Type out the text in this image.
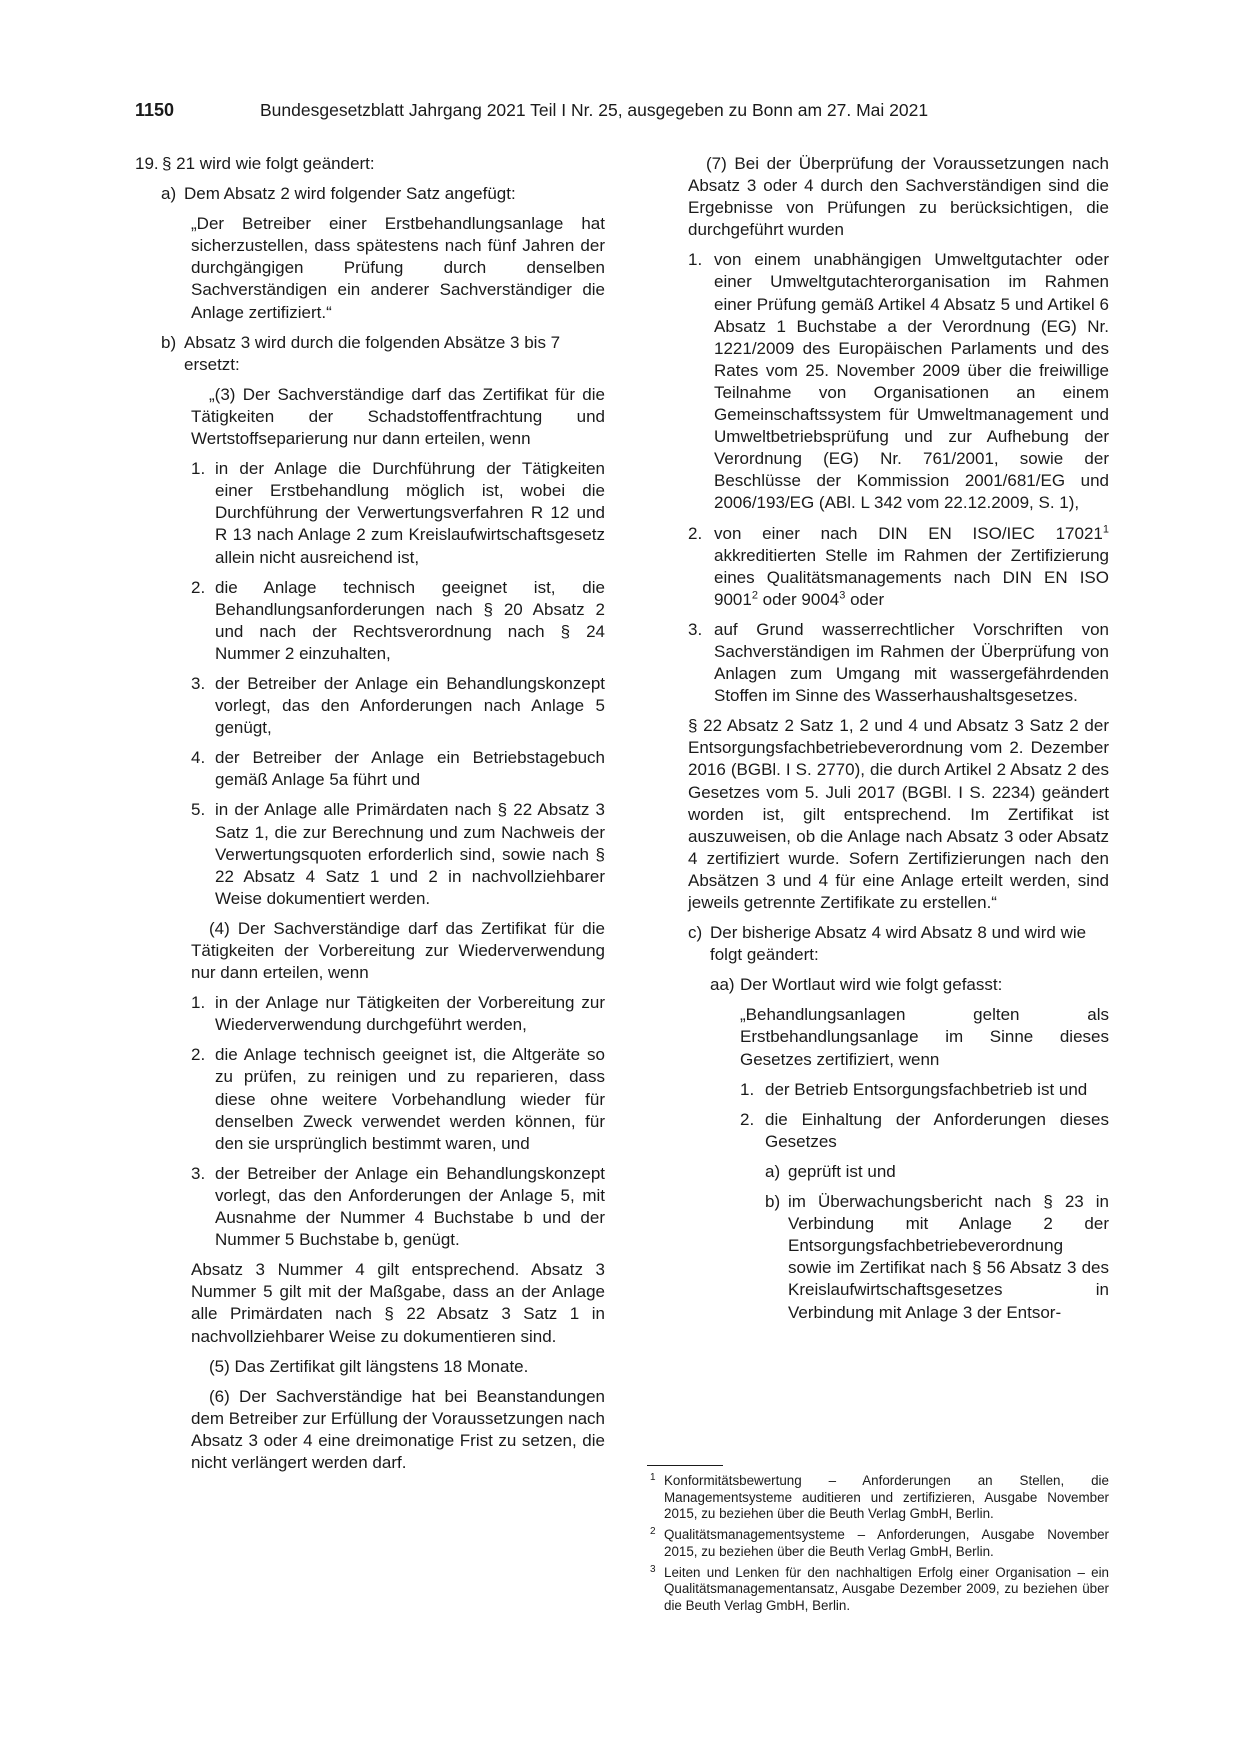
1150	Bundesgesetzblatt Jahrgang 2021 Teil I Nr. 25, ausgegeben zu Bonn am 27. Mai 2021
19. § 21 wird wie folgt geändert:

a) Dem Absatz 2 wird folgender Satz angefügt:

„Der Betreiber einer Erstbehandlungsanlage hat sicherzustellen, dass spätestens nach fünf Jahren der durchgängigen Prüfung durch denselben Sachverständigen ein anderer Sachverständiger die Anlage zertifiziert.“

b) Absatz 3 wird durch die folgenden Absätze 3 bis 7 ersetzt:

„(3) Der Sachverständige darf das Zertifikat für die Tätigkeiten der Schadstoffentfrachtung und Wertstoffseparierung nur dann erteilen, wenn

1. in der Anlage die Durchführung der Tätigkeiten einer Erstbehandlung möglich ist, wobei die Durchführung der Verwertungsverfahren R 12 und R 13 nach Anlage 2 zum Kreislaufwirtschaftsgesetz allein nicht ausreichend ist,

2. die Anlage technisch geeignet ist, die Behandlungsanforderungen nach § 20 Absatz 2 und nach der Rechtsverordnung nach § 24 Nummer 2 einzuhalten,

3. der Betreiber der Anlage ein Behandlungskonzept vorlegt, das den Anforderungen nach Anlage 5 genügt,

4. der Betreiber der Anlage ein Betriebstagebuch gemäß Anlage 5a führt und

5. in der Anlage alle Primärdaten nach § 22 Absatz 3 Satz 1, die zur Berechnung und zum Nachweis der Verwertungsquoten erforderlich sind, sowie nach § 22 Absatz 4 Satz 1 und 2 in nachvollziehbarer Weise dokumentiert werden.

(4) Der Sachverständige darf das Zertifikat für die Tätigkeiten der Vorbereitung zur Wiederverwendung nur dann erteilen, wenn

1. in der Anlage nur Tätigkeiten der Vorbereitung zur Wiederverwendung durchgeführt werden,

2. die Anlage technisch geeignet ist, die Altgeräte so zu prüfen, zu reinigen und zu reparieren, dass diese ohne weitere Vorbehandlung wieder für denselben Zweck verwendet werden können, für den sie ursprünglich bestimmt waren, und

3. der Betreiber der Anlage ein Behandlungskonzept vorlegt, das den Anforderungen der Anlage 5, mit Ausnahme der Nummer 4 Buchstabe b und der Nummer 5 Buchstabe b, genügt.

Absatz 3 Nummer 4 gilt entsprechend. Absatz 3 Nummer 5 gilt mit der Maßgabe, dass an der Anlage alle Primärdaten nach § 22 Absatz 3 Satz 1 in nachvollziehbarer Weise zu dokumentieren sind.

(5) Das Zertifikat gilt längstens 18 Monate.

(6) Der Sachverständige hat bei Beanstandungen dem Betreiber zur Erfüllung der Voraussetzungen nach Absatz 3 oder 4 eine dreimonatige Frist zu setzen, die nicht verlängert werden darf.

(7) Bei der Überprüfung der Voraussetzungen nach Absatz 3 oder 4 durch den Sachverständigen sind die Ergebnisse von Prüfungen zu berücksichtigen, die durchgeführt wurden

1. von einem unabhängigen Umweltgutachter oder einer Umweltgutachterorganisation im Rahmen einer Prüfung gemäß Artikel 4 Absatz 5 und Artikel 6 Absatz 1 Buchstabe a der Verordnung (EG) Nr. 1221/2009 des Europäischen Parlaments und des Rates vom 25. November 2009 über die freiwillige Teilnahme von Organisationen an einem Gemeinschaftssystem für Umweltmanagement und Umweltbetriebsprüfung und zur Aufhebung der Verordnung (EG) Nr. 761/2001, sowie der Beschlüsse der Kommission 2001/681/EG und 2006/193/EG (ABl. L 342 vom 22.12.2009, S. 1),

2. von einer nach DIN EN ISO/IEC 17021$^1$ akkreditierten Stelle im Rahmen der Zertifizierung eines Qualitätsmanagements nach DIN EN ISO 9001$^2$ oder 9004$^3$ oder

3. auf Grund wasserrechtlicher Vorschriften von Sachverständigen im Rahmen der Überprüfung von Anlagen zum Umgang mit wassergefährdenden Stoffen im Sinne des Wasserhaushaltsgesetzes.

§ 22 Absatz 2 Satz 1, 2 und 4 und Absatz 3 Satz 2 der Entsorgungsfachbetriebeverordnung vom 2. Dezember 2016 (BGBl. I S. 2770), die durch Artikel 2 Absatz 2 des Gesetzes vom 5. Juli 2017 (BGBl. I S. 2234) geändert worden ist, gilt entsprechend. Im Zertifikat ist auszuweisen, ob die Anlage nach Absatz 3 oder Absatz 4 zertifiziert wurde. Sofern Zertifizierungen nach den Absätzen 3 und 4 für eine Anlage erteilt werden, sind jeweils getrennte Zertifikate zu erstellen.“

c) Der bisherige Absatz 4 wird Absatz 8 und wird wie folgt geändert:

aa) Der Wortlaut wird wie folgt gefasst:

„Behandlungsanlagen gelten als Erstbehandlungsanlage im Sinne dieses Gesetzes zertifiziert, wenn

1. der Betrieb Entsorgungsfachbetrieb ist und

2. die Einhaltung der Anforderungen dieses Gesetzes

a) geprüft ist und

b) im Überwachungsbericht nach § 23 in Verbindung mit Anlage 2 der Entsorgungsfachbetriebeverordnung sowie im Zertifikat nach § 56 Absatz 3 des Kreislaufwirtschaftsgesetzes in Verbindung mit Anlage 3 der Entsor-

1 Konformitätsbewertung – Anforderungen an Stellen, die Managementsysteme auditieren und zertifizieren, Ausgabe November 2015, zu beziehen über die Beuth Verlag GmbH, Berlin.
2 Qualitätsmanagementsysteme – Anforderungen, Ausgabe November 2015, zu beziehen über die Beuth Verlag GmbH, Berlin.
3 Leiten und Lenken für den nachhaltigen Erfolg einer Organisation – ein Qualitätsmanagementansatz, Ausgabe Dezember 2009, zu beziehen über die Beuth Verlag GmbH, Berlin.
